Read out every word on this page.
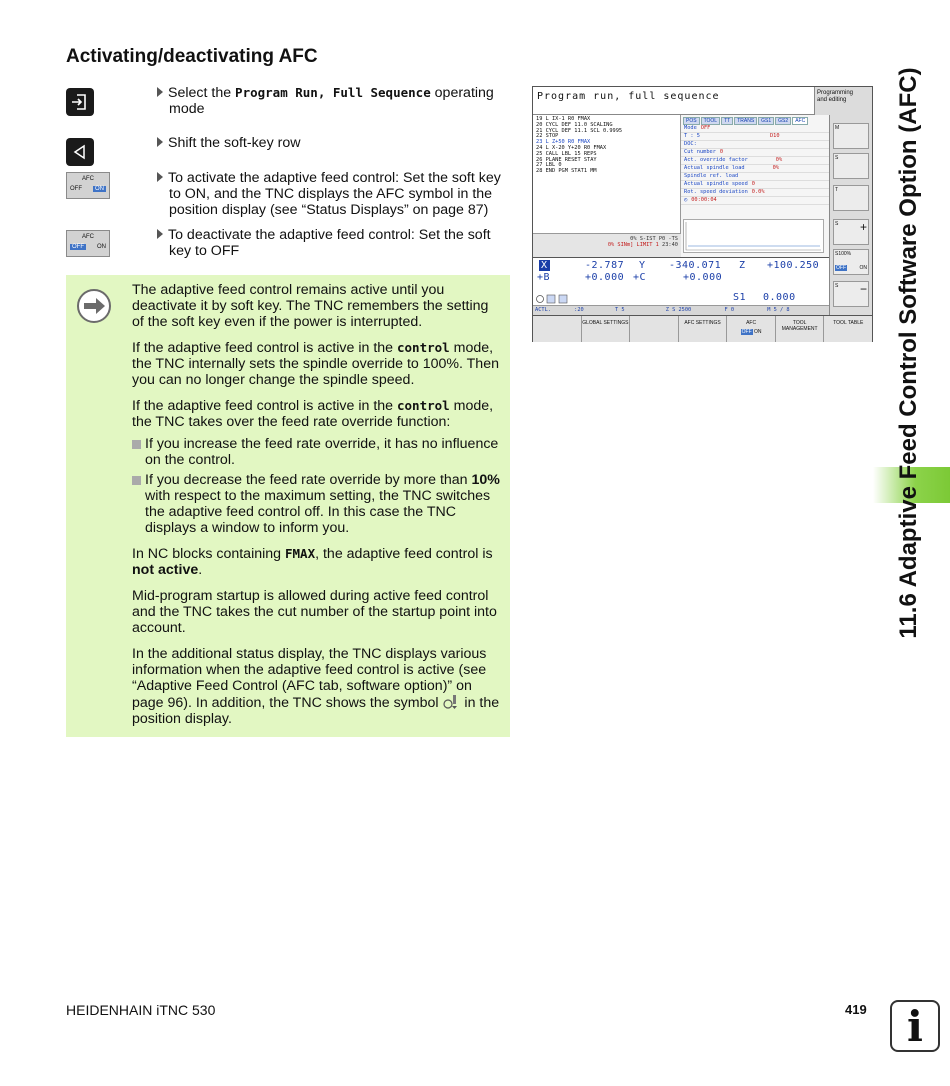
Activating/deactivating AFC
AFC
OFF	ON
AFC
OFF	ON
Select the Program Run, Full Sequence operating
mode
Shift the soft-key row
To activate the adaptive feed control: Set the soft key
to ON, and the TNC displays the AFC symbol in the
position display (see “Status Displays” on page 87)
To deactivate the adaptive feed control: Set the soft
key to OFF

The adaptive feed control remains active until you deactivate it by soft key. The TNC remembers the setting of the soft key even if the power is interrupted.

If the adaptive feed control is active in the control mode, the TNC internally sets the spindle override to 100%. Then you can no longer change the spindle speed.

If the adaptive feed control is active in the control mode, the TNC takes over the feed rate override function:

If you increase the feed rate override, it has no influence on the control.
If you decrease the feed rate override by more than 10% with respect to the maximum setting, the TNC switches the adaptive feed control off. In this case the TNC displays a window to inform you.

In NC blocks containing FMAX, the adaptive feed control is not active.

Mid-program startup is allowed during active feed control and the TNC takes the cut number of the startup point into account.

In the additional status display, the TNC displays various information when the adaptive feed control is active (see “Adaptive Feed Control (AFC tab, software option)” on page 96). In addition, the TNC shows the symbol  in the position display.

Program run, full sequence	Programming
and editing
19 L IX-1 R0 FMAX
20 CYCL DEF 11.0 SCALING
21 CYCL DEF 11.1 SCL 0.9995
22 STOP
23 L Z+50 R0 FMAX
24 L X-20 Y+20 R0 FMAX
25 CALL LBL 15 REPS
26 PLANE RESET STAY
27 LBL 0
28 END PGM STAT1 MM
POS	TOOL	TT	TRANS	GS1	GS2	AFC
Mode OFF
T : 5	D10
DOC:
Cut number 0
Act. override factor	0%
Actual spindle load	0%
Spindle ref. load
Actual spindle speed 0
Rot. speed deviation 0.0%
◴ 00:00:04
0% S-IST P0 -TS
0% SINm] LIMIT 1 23:40
X	-2.787 Y -340.071 Z +100.250
+B	+0.000 +C	+0.000
S1 0.000
ACTL.	:20	T 5	Z S 2500	F 0	M 5 / 8
M
S
T
S +
S100%
OFF	ON
S −
GLOBAL SETTINGS	AFC SETTINGS	AFC
OFF ON
TOOL MANAGEMENT
TOOL TABLE	11.6 Adaptive Feed Control Software Option (AFC)
HEIDENHAIN iTNC 530	419 i
